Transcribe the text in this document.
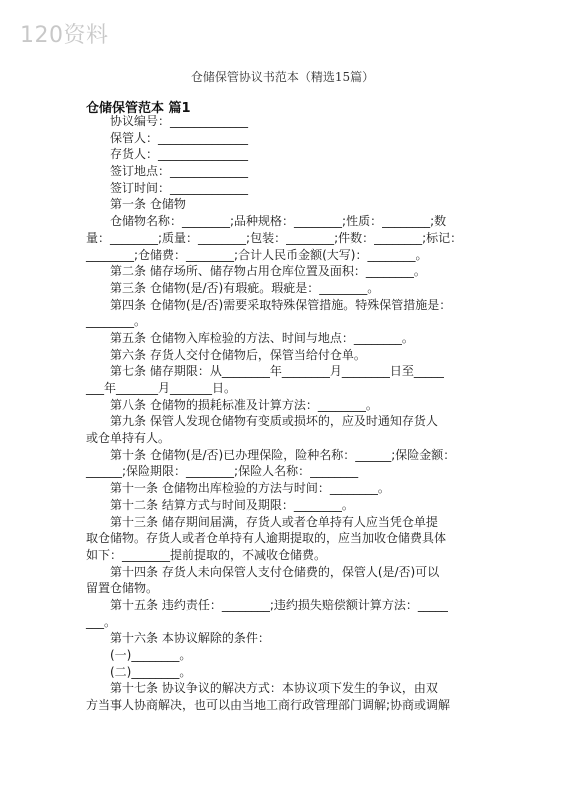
120资料
仓储保管协议书范本（精选15篇）
仓储保管范本 篇1
协议编号：_____________
保管人：_______________
存货人：_______________
签订地点：_____________
签订时间：_____________
第一条 仓储物
仓储物名称：________;品种规格：________;性质：________;数
量：________;质量：________;包装：________;件数：________;标记：
________;仓储费：________;合计人民币金额(大写)：________。
第二条 储存场所、储存物占用仓库位置及面积：________。
第三条 仓储物(是/否)有瑕疵。瑕疵是：________。
第四条 仓储物(是/否)需要采取特殊保管措施。特殊保管措施是：
________。
第五条 仓储物入库检验的方法、时间与地点：________。
第六条 存货人交付仓储物后，保管当给付仓单。
第七条 储存期限：从________年________月________日至_____
___年_______月_______日。
第八条 仓储物的损耗标准及计算方法：________。
第九条 保管人发现仓储物有变质或损坏的，应及时通知存货人
或仓单持有人。
第十条 仓储物(是/否)已办理保险，险种名称：______;保险金额：
______;保险期限：________;保险人名称：________
第十一条 仓储物出库检验的方法与时间：________。
第十二条 结算方式与时间及期限：________。
第十三条 储存期间届满，存货人或者仓单持有人应当凭仓单提
取仓储物。存货人或者仓单持有人逾期提取的，应当加收仓储费具体
如下：________提前提取的，不减收仓储费。
第十四条 存货人未向保管人支付仓储费的，保管人(是/否)可以
留置仓储物。
第十五条 违约责任：________;违约损失赔偿额计算方法：_____
___。
第十六条 本协议解除的条件：
(一)________。
(二)________。
第十七条 协议争议的解决方式：本协议项下发生的争议，由双
方当事人协商解决，也可以由当地工商行政管理部门调解;协商或调解
